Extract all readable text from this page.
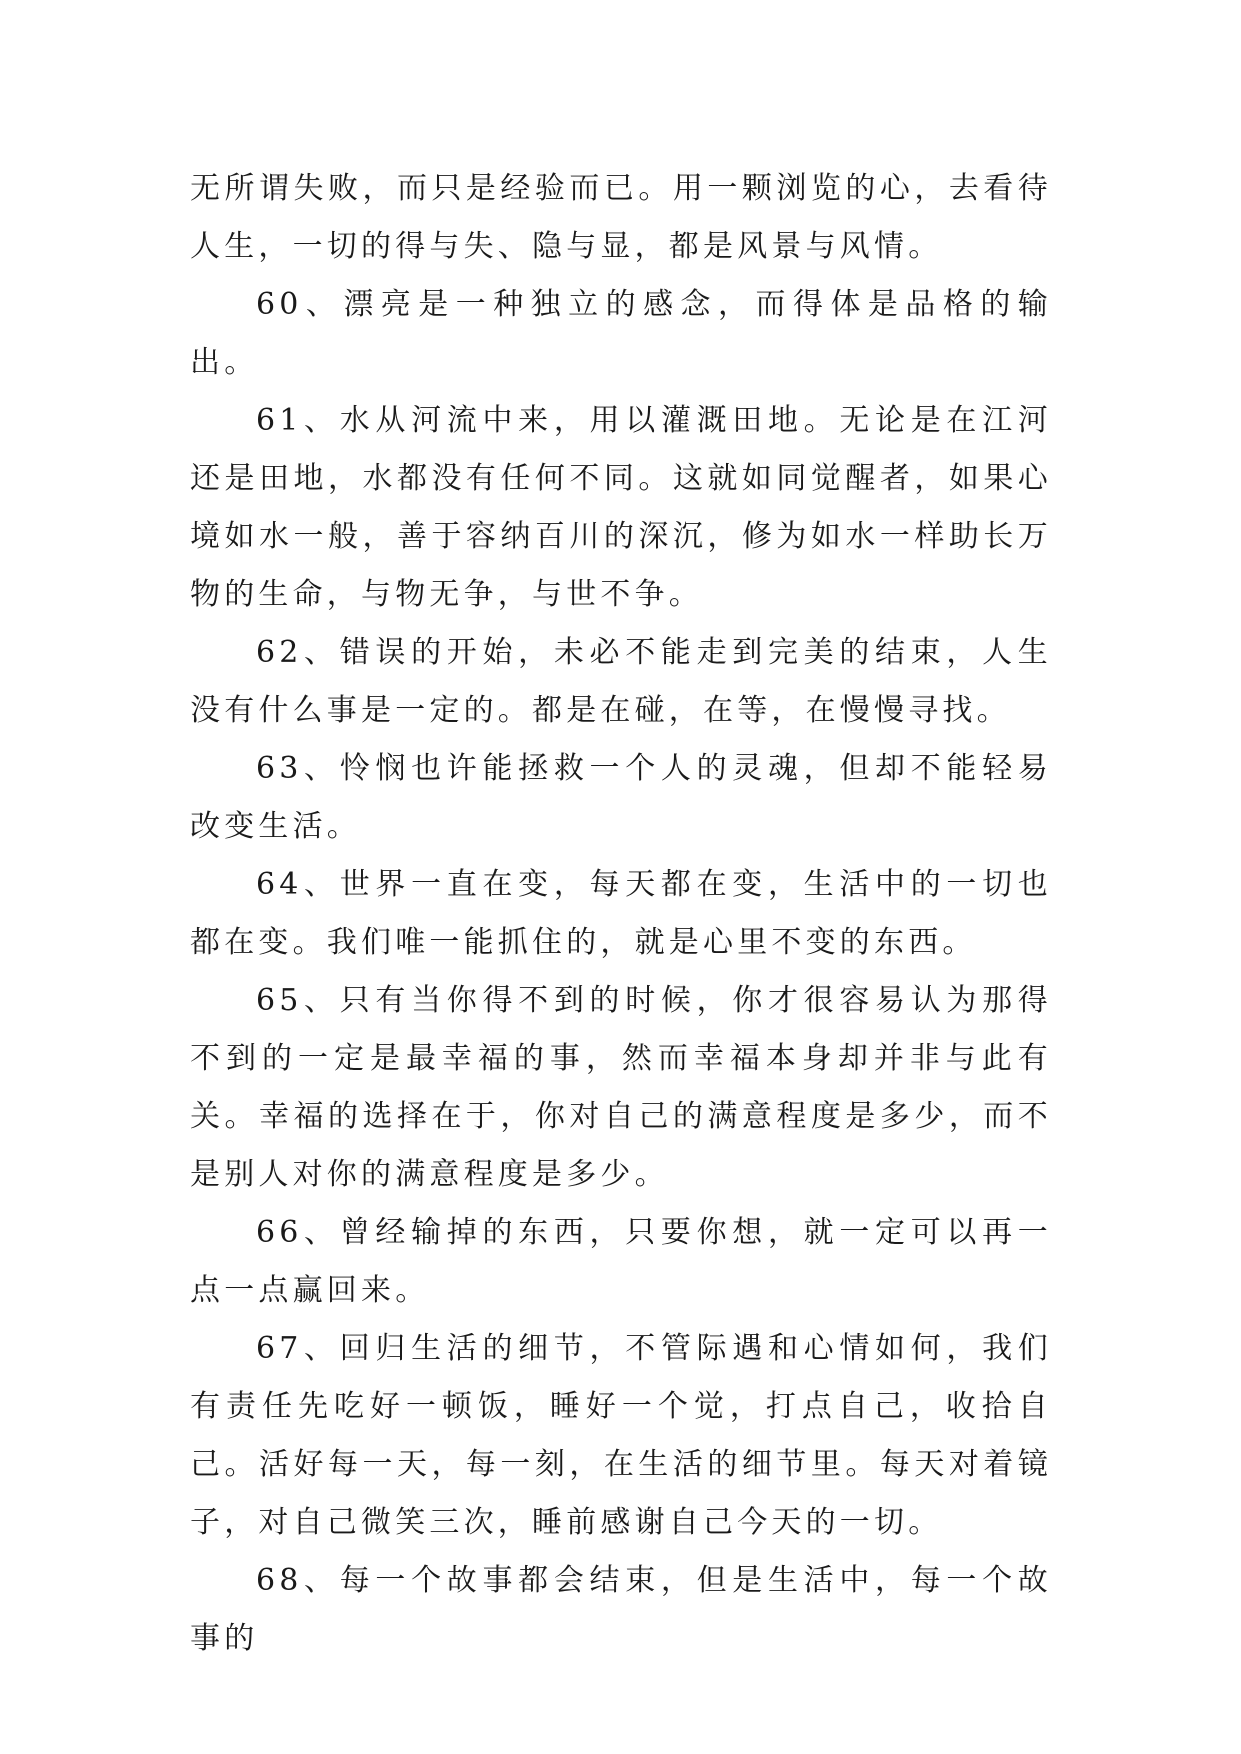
无所谓失败，而只是经验而已。用一颗浏览的心，去看待人生，一切的得与失、隐与显，都是风景与风情。

60、漂亮是一种独立的感念，而得体是品格的输出。

61、水从河流中来，用以灌溉田地。无论是在江河还是田地，水都没有任何不同。这就如同觉醒者，如果心境如水一般，善于容纳百川的深沉，修为如水一样助长万物的生命，与物无争，与世不争。

62、错误的开始，未必不能走到完美的结束，人生没有什么事是一定的。都是在碰，在等，在慢慢寻找。

63、怜悯也许能拯救一个人的灵魂，但却不能轻易改变生活。

64、世界一直在变，每天都在变，生活中的一切也都在变。我们唯一能抓住的，就是心里不变的东西。

65、只有当你得不到的时候，你才很容易认为那得不到的一定是最幸福的事，然而幸福本身却并非与此有关。幸福的选择在于，你对自己的满意程度是多少，而不是别人对你的满意程度是多少。

66、曾经输掉的东西，只要你想，就一定可以再一点一点赢回来。

67、回归生活的细节，不管际遇和心情如何，我们有责任先吃好一顿饭，睡好一个觉，打点自己，收拾自己。活好每一天，每一刻，在生活的细节里。每天对着镜子，对自己微笑三次，睡前感谢自己今天的一切。

68、每一个故事都会结束，但是生活中，每一个故事的
